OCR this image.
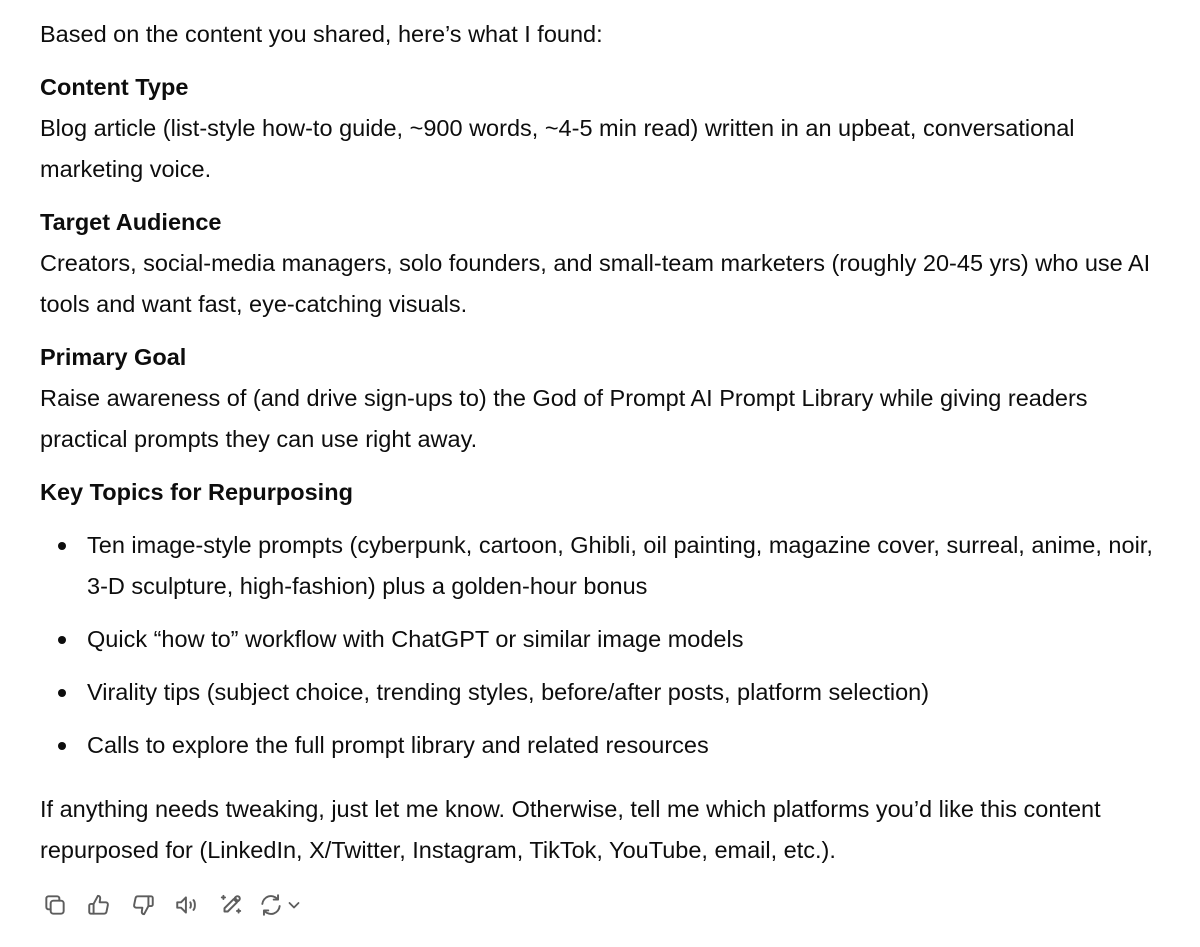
Based on the content you shared, here’s what I found:

Content Type

Blog article (list-style how-to guide, ~900 words, ~4-5 min read) written in an upbeat, conversational marketing voice.

Target Audience

Creators, social-media managers, solo founders, and small-team marketers (roughly 20-45 yrs) who use AI tools and want fast, eye-catching visuals.

Primary Goal

Raise awareness of (and drive sign-ups to) the God of Prompt AI Prompt Library while giving readers practical prompts they can use right away.

Key Topics for Repurposing
Ten image-style prompts (cyberpunk, cartoon, Ghibli, oil painting, magazine cover, surreal, anime, noir, 3-D sculpture, high-fashion) plus a golden-hour bonus
Quick “how to” workflow with ChatGPT or similar image models
Virality tips (subject choice, trending styles, before/after posts, platform selection)
Calls to explore the full prompt library and related resources

If anything needs tweaking, just let me know. Otherwise, tell me which platforms you’d like this content repurposed for (LinkedIn, X/Twitter, Instagram, TikTok, YouTube, email, etc.).
